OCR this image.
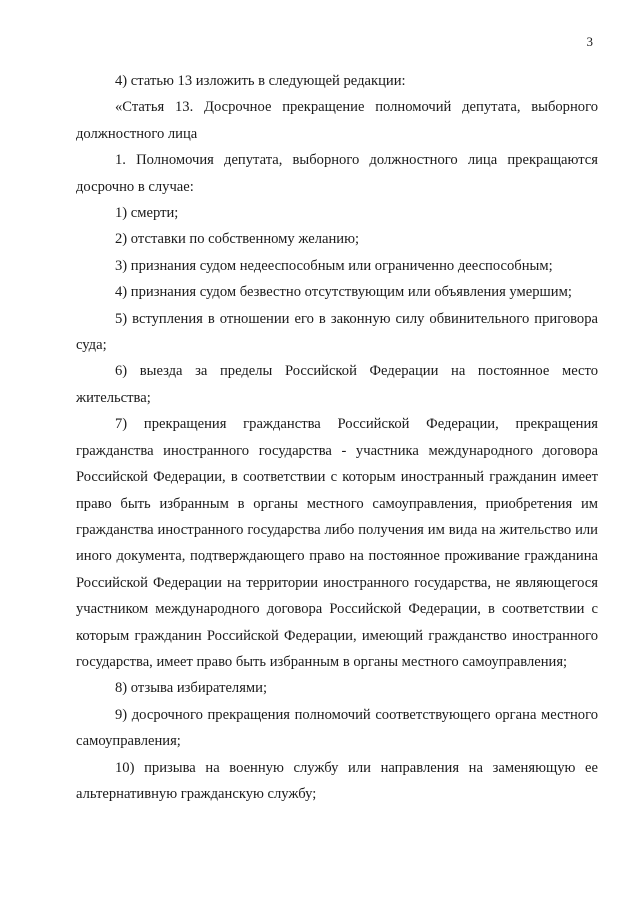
3

4) статью 13 изложить в следующей редакции:

«Статья 13. Досрочное прекращение полномочий депутата, выборного должностного лица

1. Полномочия депутата, выборного должностного лица прекращаются досрочно в случае:

1) смерти;

2) отставки по собственному желанию;

3) признания судом недееспособным или ограниченно дееспособным;

4) признания судом безвестно отсутствующим или объявления умершим;

5) вступления в отношении его в законную силу обвинительного приговора суда;

6) выезда за пределы Российской Федерации на постоянное место жительства;

7) прекращения гражданства Российской Федерации, прекращения гражданства иностранного государства - участника международного договора Российской Федерации, в соответствии с которым иностранный гражданин имеет право быть избранным в органы местного самоуправления, приобретения им гражданства иностранного государства либо получения им вида на жительство или иного документа, подтверждающего право на постоянное проживание гражданина Российской Федерации на территории иностранного государства, не являющегося участником международного договора Российской Федерации, в соответствии с которым гражданин Российской Федерации, имеющий гражданство иностранного государства, имеет право быть избранным в органы местного самоуправления;

8) отзыва избирателями;

9) досрочного прекращения полномочий соответствующего органа местного самоуправления;

10) призыва на военную службу или направления на заменяющую ее альтернативную гражданскую службу;
